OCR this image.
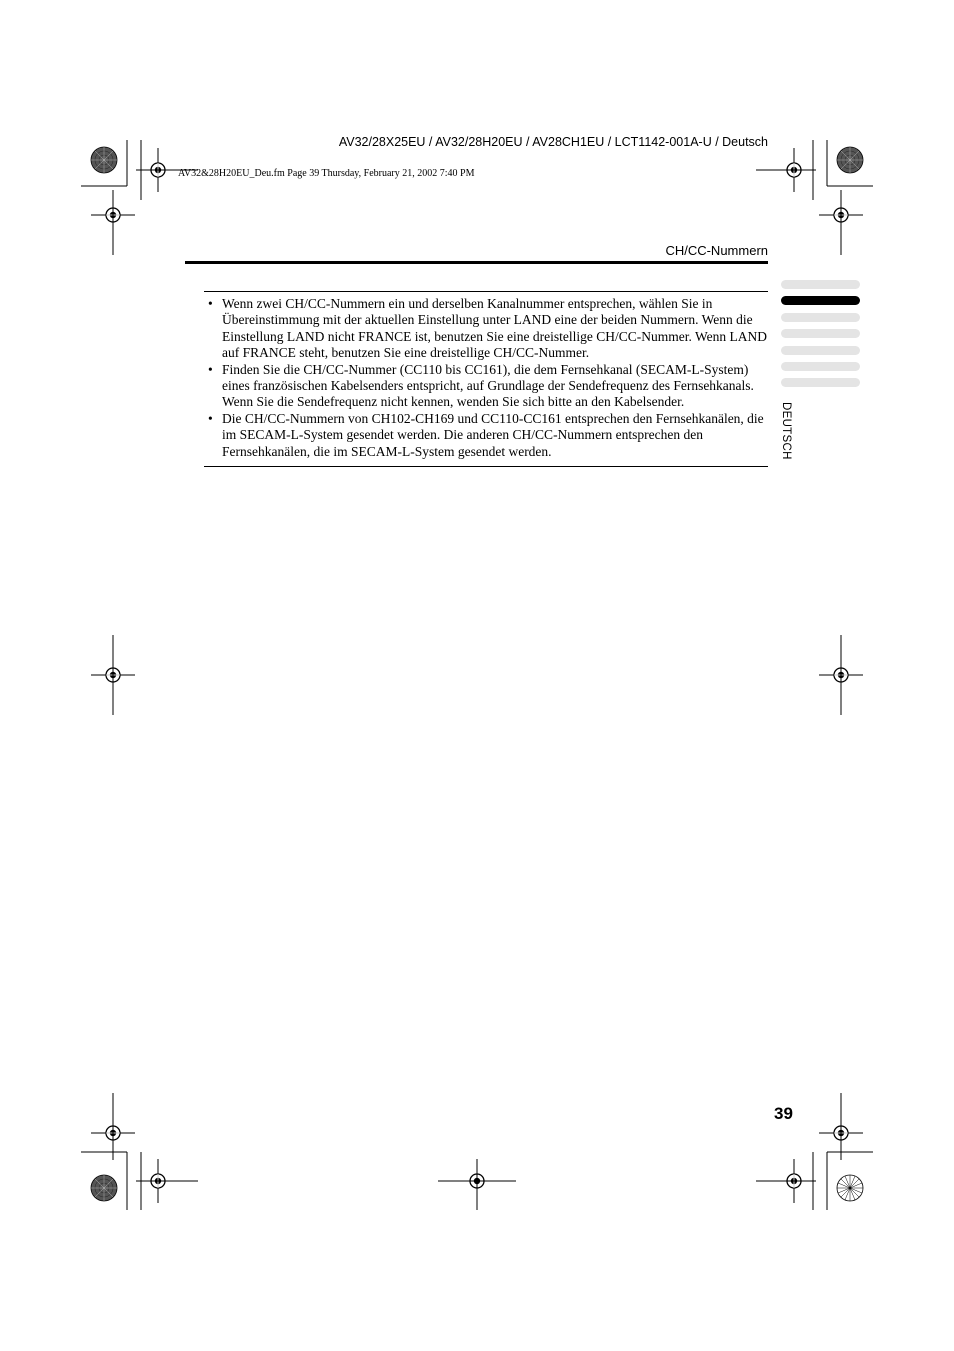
AV32/28X25EU / AV32/28H20EU / AV28CH1EU / LCT1142-001A-U / Deutsch
AV32&28H20EU_Deu.fm Page 39 Thursday, February 21, 2002 7:40 PM
CH/CC-Nummern

• Wenn zwei CH/CC-Nummern ein und derselben Kanalnummer entsprechen, wählen Sie in Übereinstimmung mit der aktuellen Einstellung unter LAND eine der beiden Nummern. Wenn die Einstellung LAND nicht FRANCE ist, benutzen Sie eine dreistellige CH/CC-Nummer. Wenn LAND auf FRANCE steht, benutzen Sie eine dreistellige CH/CC-Nummer.

• Finden Sie die CH/CC-Nummer (CC110 bis CC161), die dem Fernsehkanal (SECAM-L-System) eines französischen Kabelsenders entspricht, auf Grundlage der Sendefrequenz des Fernsehkanals. Wenn Sie die Sendefrequenz nicht kennen, wenden Sie sich bitte an den Kabelsender.

• Die CH/CC-Nummern von CH102-CH169 und CC110-CC161 entsprechen den Fernsehkanälen, die im SECAM-L-System gesendet werden. Die anderen CH/CC-Nummern entsprechen den Fernsehkanälen, die im SECAM-L-System gesendet werden.	DEUTSCH
39
